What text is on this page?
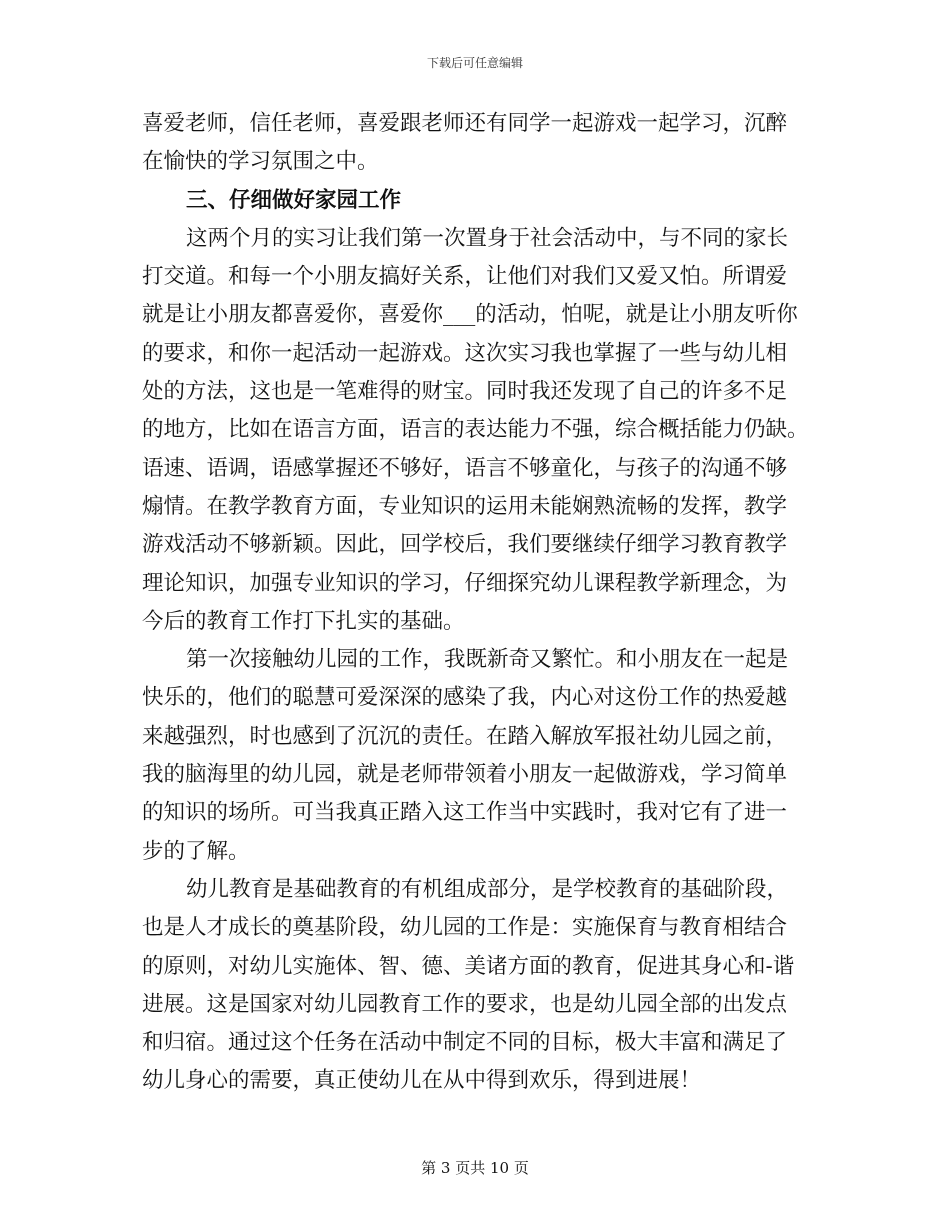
下载后可任意编辑
喜爱老师，信任老师，喜爱跟老师还有同学一起游戏一起学习，沉醉
在愉快的学习氛围之中。
三、仔细做好家园工作
这两个月的实习让我们第一次置身于社会活动中，与不同的家长
打交道。和每一个小朋友搞好关系，让他们对我们又爱又怕。所谓爱
就是让小朋友都喜爱你，喜爱你___的活动，怕呢，就是让小朋友听你
的要求，和你一起活动一起游戏。这次实习我也掌握了一些与幼儿相
处的方法，这也是一笔难得的财宝。同时我还发现了自己的许多不足
的地方，比如在语言方面，语言的表达能力不强，综合概括能力仍缺。
语速、语调，语感掌握还不够好，语言不够童化，与孩子的沟通不够
煽情。在教学教育方面，专业知识的运用未能娴熟流畅的发挥，教学
游戏活动不够新颖。因此，回学校后，我们要继续仔细学习教育教学
理论知识，加强专业知识的学习，仔细探究幼儿课程教学新理念，为
今后的教育工作打下扎实的基础。
第一次接触幼儿园的工作，我既新奇又繁忙。和小朋友在一起是
快乐的，他们的聪慧可爱深深的感染了我，内心对这份工作的热爱越
来越强烈，时也感到了沉沉的责任。在踏入解放军报社幼儿园之前，
我的脑海里的幼儿园，就是老师带领着小朋友一起做游戏，学习简单
的知识的场所。可当我真正踏入这工作当中实践时，我对它有了进一
步的了解。
幼儿教育是基础教育的有机组成部分，是学校教育的基础阶段，
也是人才成长的奠基阶段，幼儿园的工作是：实施保育与教育相结合
的原则，对幼儿实施体、智、德、美诸方面的教育，促进其身心和-谐
进展。这是国家对幼儿园教育工作的要求，也是幼儿园全部的出发点
和归宿。通过这个任务在活动中制定不同的目标，极大丰富和满足了
幼儿身心的需要，真正使幼儿在从中得到欢乐，得到进展！
第 3 页共 10 页
